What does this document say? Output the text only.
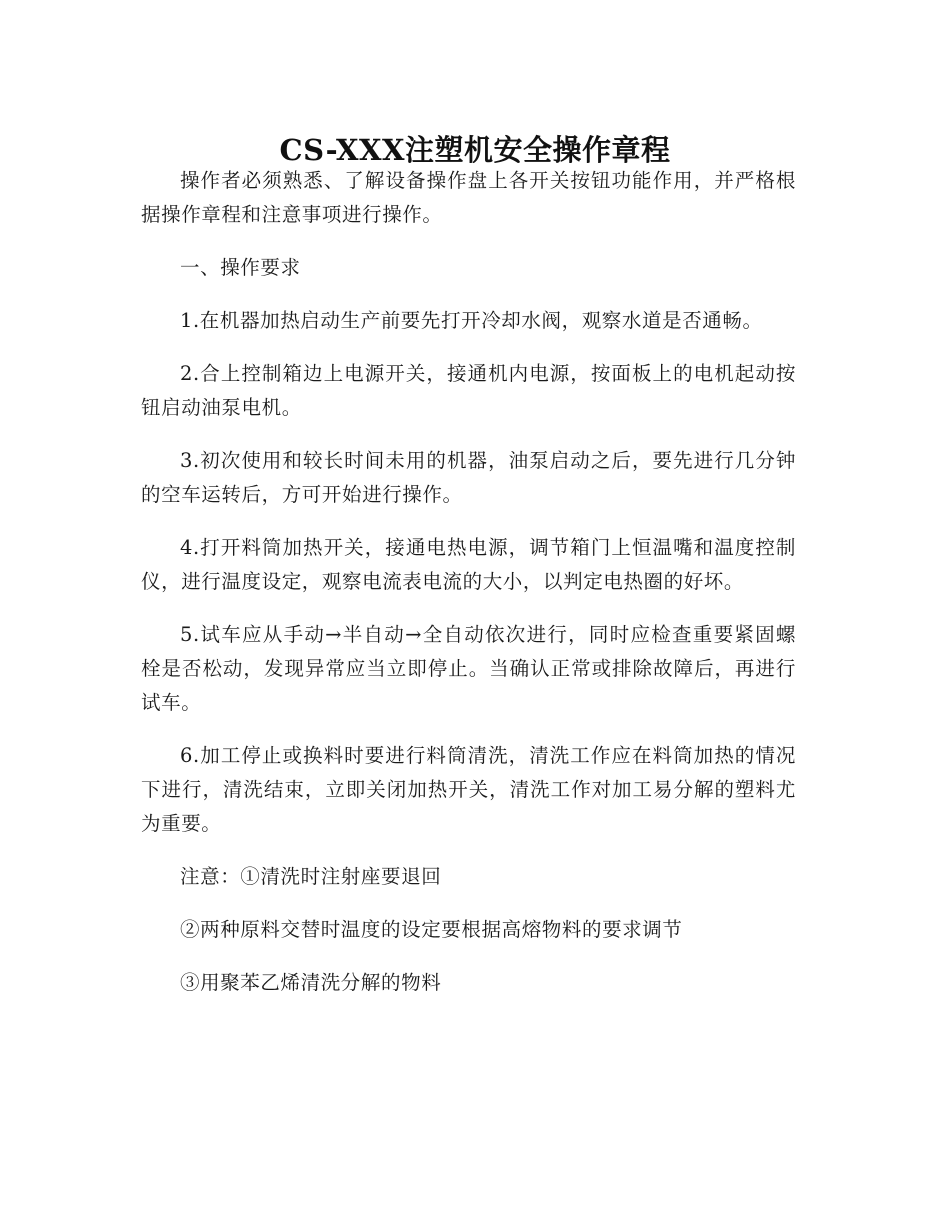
CS-XXX注塑机安全操作章程

操作者必须熟悉、了解设备操作盘上各开关按钮功能作用，并严格根据操作章程和注意事项进行操作。

一、操作要求

1.在机器加热启动生产前要先打开冷却水阀，观察水道是否通畅。

2.合上控制箱边上电源开关，接通机内电源，按面板上的电机起动按钮启动油泵电机。

3.初次使用和较长时间未用的机器，油泵启动之后，要先进行几分钟的空车运转后，方可开始进行操作。

4.打开料筒加热开关，接通电热电源，调节箱门上恒温嘴和温度控制仪，进行温度设定，观察电流表电流的大小，以判定电热圈的好坏。

5.试车应从手动→半自动→全自动依次进行，同时应检查重要紧固螺栓是否松动，发现异常应当立即停止。当确认正常或排除故障后，再进行试车。

6.加工停止或换料时要进行料筒清洗，清洗工作应在料筒加热的情况下进行，清洗结束，立即关闭加热开关，清洗工作对加工易分解的塑料尤为重要。

注意：①清洗时注射座要退回

②两种原料交替时温度的设定要根据高熔物料的要求调节

③用聚苯乙烯清洗分解的物料
